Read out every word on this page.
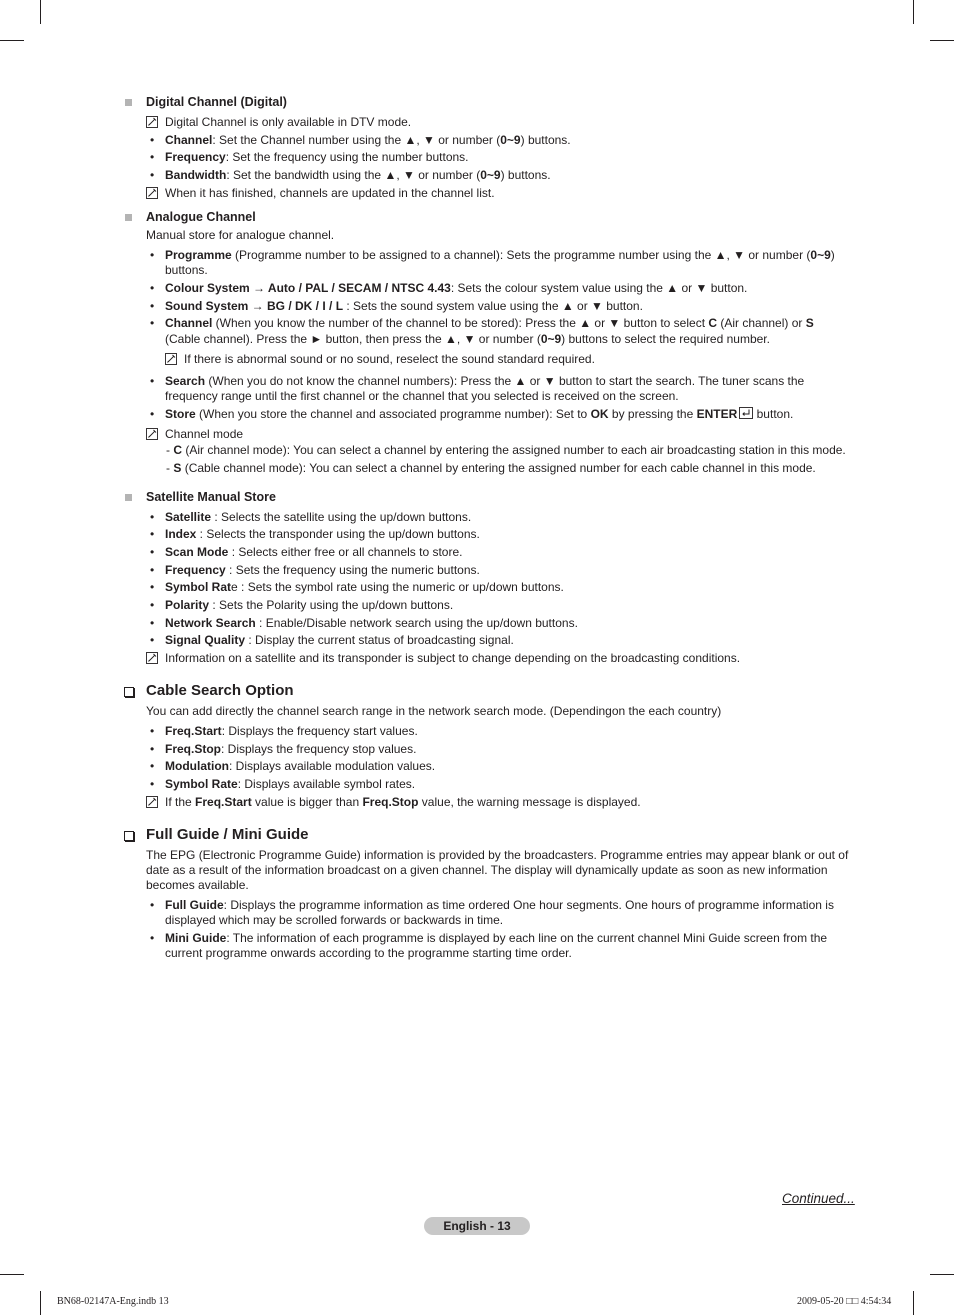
Digital Channel (Digital)
Digital Channel is only available in DTV mode.
• Channel: Set the Channel number using the ▲, ▼ or number (0~9) buttons.
• Frequency: Set the frequency using the number buttons.
• Bandwidth: Set the bandwidth using the ▲, ▼ or number (0~9) buttons.
When it has finished, channels are updated in the channel list.
Analogue Channel
Manual store for analogue channel.
• Programme (Programme number to be assigned to a channel): Sets the programme number using the ▲, ▼ or number (0~9)
buttons.
• Colour System → Auto / PAL / SECAM / NTSC 4.43: Sets the colour system value using the ▲ or ▼ button.
• Sound System → BG / DK / I / L : Sets the sound system value using the ▲ or ▼ button.
• Channel (When you know the number of the channel to be stored): Press the ▲ or ▼ button to select C (Air channel) or S
(Cable channel). Press the ► button, then press the ▲, ▼ or number (0~9) buttons to select the required number.
If there is abnormal sound or no sound, reselect the sound standard required.
• Search (When you do not know the channel numbers): Press the ▲ or ▼ button to start the search. The tuner scans the
frequency range until the first channel or the channel that you selected is received on the screen.
• Store (When you store the channel and associated programme number): Set to OK by pressing the ENTER button.
Channel mode
- C (Air channel mode): You can select a channel by entering the assigned number to each air broadcasting station in this mode.
- S (Cable channel mode): You can select a channel by entering the assigned number for each cable channel in this mode.
Satellite Manual Store
• Satellite : Selects the satellite using the up/down buttons.
• Index : Selects the transponder using the up/down buttons.
• Scan Mode : Selects either free or all channels to store.
• Frequency : Sets the frequency using the numeric buttons.
• Symbol Rate : Sets the symbol rate using the numeric or up/down buttons.
• Polarity : Sets the Polarity using the up/down buttons.
• Network Search : Enable/Disable network search using the up/down buttons.
• Signal Quality : Display the current status of broadcasting signal.
Information on a satellite and its transponder is subject to change depending on the broadcasting conditions.
Cable Search Option
You can add directly the channel search range in the network search mode. (Dependingon the each country)
• Freq.Start: Displays the frequency start values.
• Freq.Stop: Displays the frequency stop values.
• Modulation: Displays available modulation values.
• Symbol Rate: Displays available symbol rates.
If the Freq.Start value is bigger than Freq.Stop value, the warning message is displayed.
Full Guide / Mini Guide
The EPG (Electronic Programme Guide) information is provided by the broadcasters. Programme entries may appear blank or out of date as a result of the information broadcast on a given channel. The display will dynamically update as soon as new information becomes available.
• Full Guide: Displays the programme information as time ordered One hour segments. One hours of programme information is displayed which may be scrolled forwards or backwards in time.
• Mini Guide: The information of each programme is displayed by each line on the current channel Mini Guide screen from the current programme onwards according to the programme starting time order.
Continued...
English - 13
BN68-02147A-Eng.indb 13	2009-05-20 □□ 4:54:34
